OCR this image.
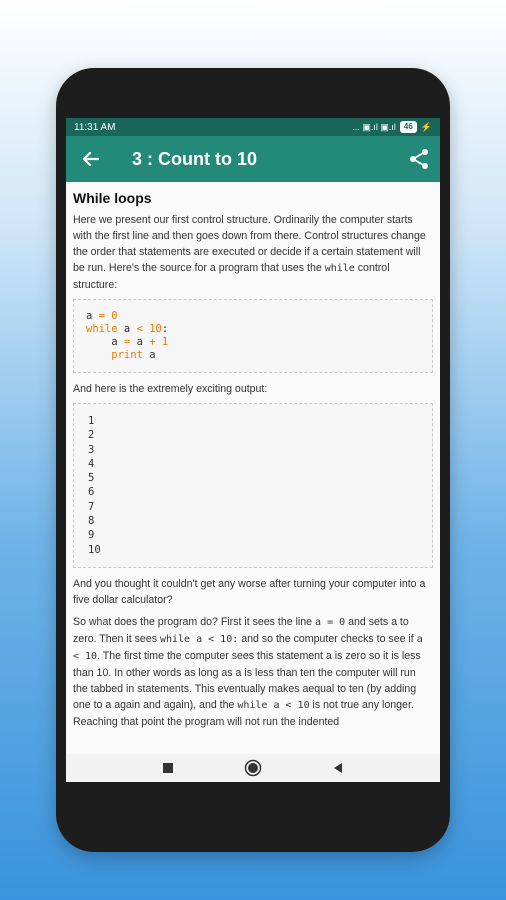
11:31 AM	... ▣.ıl ▣.ıl	46 ⚡
3 : Count to 10
While loops

Here we present our first control structure. Ordinarily the computer starts with the first line and then goes down from there. Control structures change the order that statements are executed or decide if a certain statement will be run. Here's the source for a program that uses the while control structure:

a = 0
while a < 10:
a = a + 1
print a

And here is the extremely exciting output:

1
2
3
4
5
6
7
8
9
10

And you thought it couldn't get any worse after turning your computer into a five dollar calculator?

So what does the program do? First it sees the line a = 0 and sets a to zero. Then it sees while a < 10: and so the computer checks to see if a < 10. The first time the computer sees this statement a is zero so it is less than 10. In other words as long as a is less than ten the computer will run the tabbed in statements. This eventually makes aequal to ten (by adding one to a again and again), and the while a < 10 is not true any longer. Reaching that point the program will not run the indented
